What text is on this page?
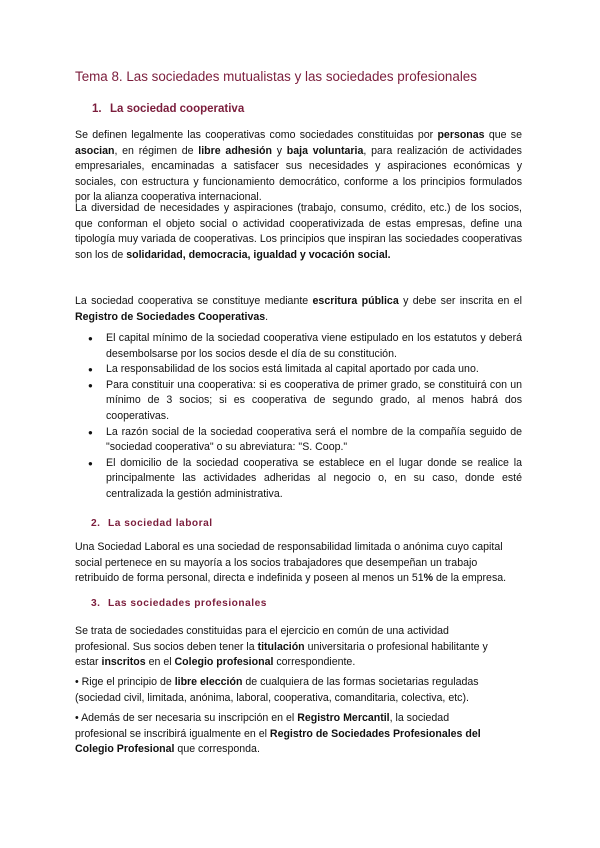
Tema 8. Las sociedades mutualistas y las sociedades profesionales
1. La sociedad cooperativa

Se definen legalmente las cooperativas como sociedades constituidas por personas que se asocian, en régimen de libre adhesión y baja voluntaria, para realización de actividades empresariales, encaminadas a satisfacer sus necesidades y aspiraciones económicas y sociales, con estructura y funcionamiento democrático, conforme a los principios formulados por la alianza cooperativa internacional.

La diversidad de necesidades y aspiraciones (trabajo, consumo, crédito, etc.) de los socios, que conforman el objeto social o actividad cooperativizada de estas empresas, define una tipología muy variada de cooperativas. Los principios que inspiran las sociedades cooperativas son los de solidaridad, democracia, igualdad y vocación social.

La sociedad cooperativa se constituye mediante escritura pública y debe ser inscrita en el Registro de Sociedades Cooperativas.

● El capital mínimo de la sociedad cooperativa viene estipulado en los estatutos y deberá desembolsarse por los socios desde el día de su constitución.
● La responsabilidad de los socios está limitada al capital aportado por cada uno.
● Para constituir una cooperativa: si es cooperativa de primer grado, se constituirá con un mínimo de 3 socios; si es cooperativa de segundo grado, al menos habrá dos cooperativas.
● La razón social de la sociedad cooperativa será el nombre de la compañía seguido de "sociedad cooperativa" o su abreviatura: "S. Coop."
● El domicilio de la sociedad cooperativa se establece en el lugar donde se realice la principalmente las actividades adheridas al negocio o, en su caso, donde esté centralizada la gestión administrativa.
2. La sociedad laboral

Una Sociedad Laboral es una sociedad de responsabilidad limitada o anónima cuyo capital
social pertenece en su mayoría a los socios trabajadores que desempeñan un trabajo
retribuido de forma personal, directa e indefinida y poseen al menos un 51% de la empresa.

3. Las sociedades profesionales

Se trata de sociedades constituidas para el ejercicio en común de una actividad
profesional. Sus socios deben tener la titulación universitaria o profesional habilitante y
estar inscritos en el Colegio profesional correspondiente.

• Rige el principio de libre elección de cualquiera de las formas societarias reguladas
(sociedad civil, limitada, anónima, laboral, cooperativa, comanditaria, colectiva, etc).

• Además de ser necesaria su inscripción en el Registro Mercantil, la sociedad
profesional se inscribirá igualmente en el Registro de Sociedades Profesionales del
Colegio Profesional que corresponda.
